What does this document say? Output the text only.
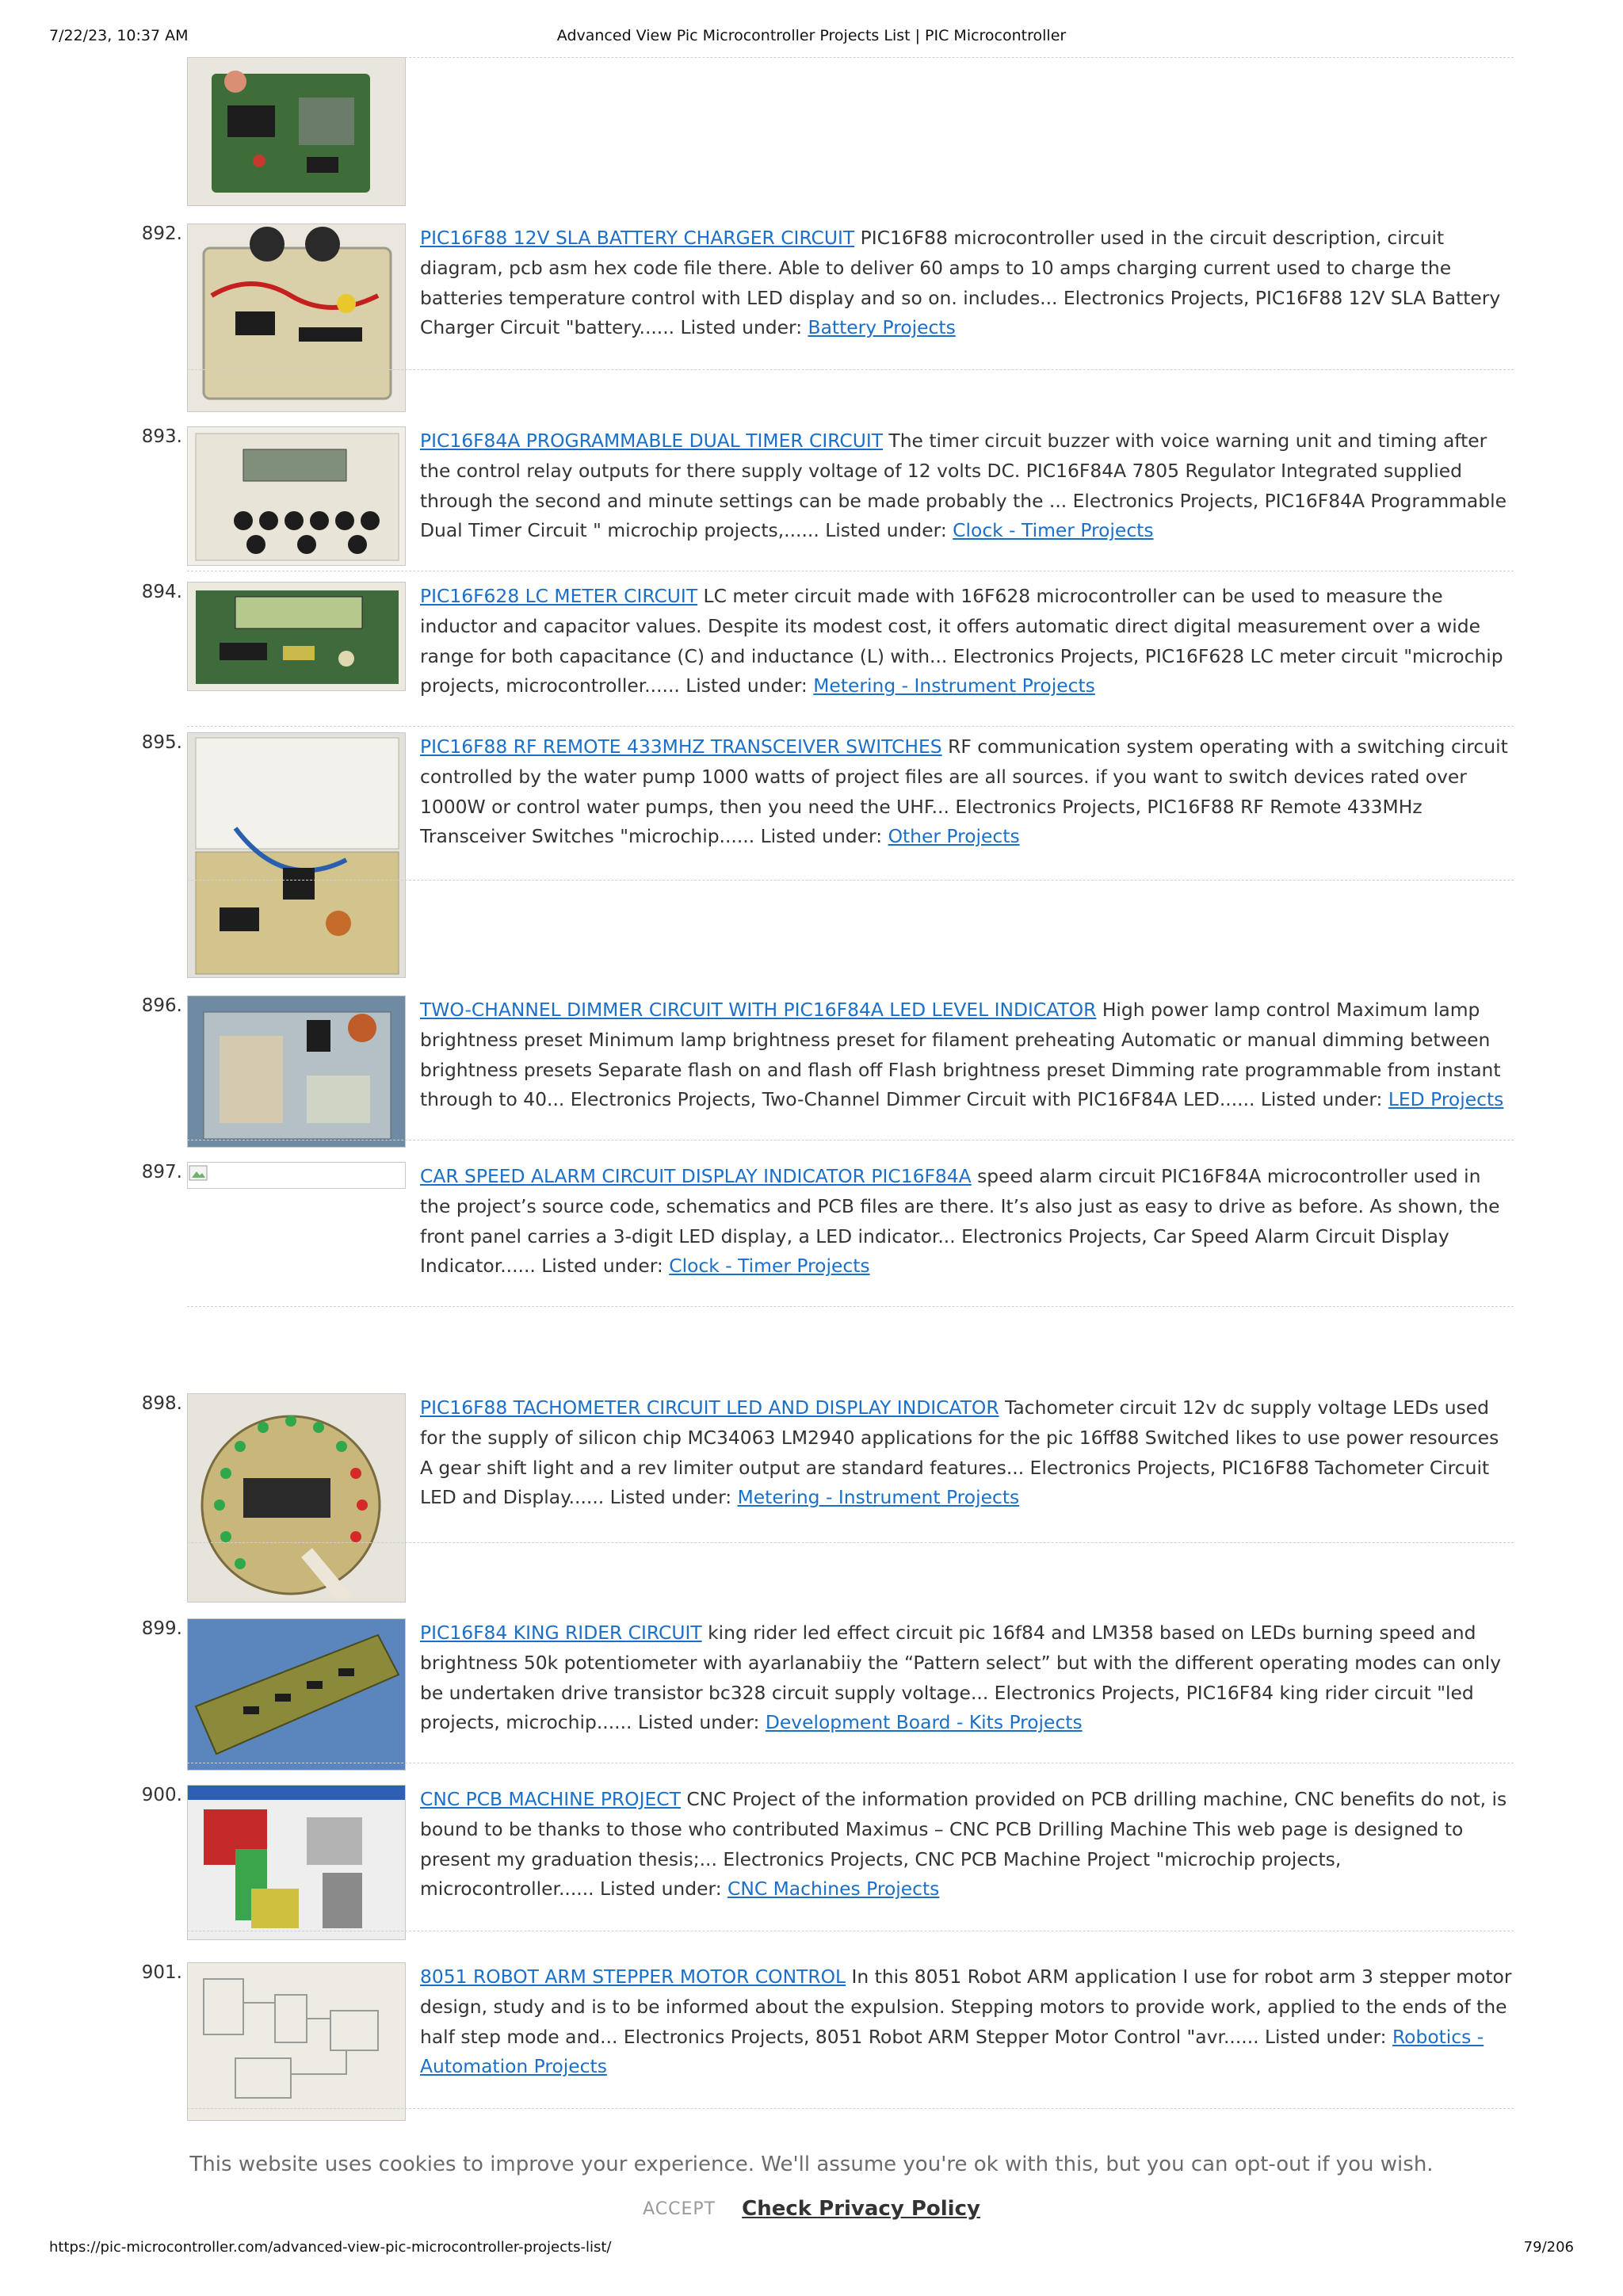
7/22/23, 10:37 AM	Advanced View Pic Microcontroller Projects List | PIC Microcontroller
892.	PIC16F88 12V SLA BATTERY CHARGER CIRCUIT PIC16F88 microcontroller used in the circuit description, circuit diagram, pcb asm hex code file there. Able to deliver 60 amps to 10 amps charging current used to charge the batteries temperature control with LED display and so on. includes... Electronics Projects, PIC16F88 12V SLA Battery Charger Circuit "battery...... Listed under: Battery Projects
893.	PIC16F84A PROGRAMMABLE DUAL TIMER CIRCUIT The timer circuit buzzer with voice warning unit and timing after the control relay outputs for there supply voltage of 12 volts DC. PIC16F84A 7805 Regulator Integrated supplied through the second and minute settings can be made probably the ... Electronics Projects, PIC16F84A Programmable Dual Timer Circuit " microchip projects,...... Listed under: Clock - Timer Projects
894.	PIC16F628 LC METER CIRCUIT LC meter circuit made with 16F628 microcontroller can be used to measure the inductor and capacitor values. Despite its modest cost, it offers automatic direct digital measurement over a wide range for both capacitance (C) and inductance (L) with... Electronics Projects, PIC16F628 LC meter circuit "microchip projects, microcontroller...... Listed under: Metering - Instrument Projects
895.	PIC16F88 RF REMOTE 433MHZ TRANSCEIVER SWITCHES RF communication system operating with a switching circuit controlled by the water pump 1000 watts of project files are all sources. if you want to switch devices rated over 1000W or control water pumps, then you need the UHF... Electronics Projects, PIC16F88 RF Remote 433MHz Transceiver Switches "microchip...... Listed under: Other Projects
896.	TWO-CHANNEL DIMMER CIRCUIT WITH PIC16F84A LED LEVEL INDICATOR High power lamp control Maximum lamp brightness preset Minimum lamp brightness preset for filament preheating Automatic or manual dimming between brightness presets Separate flash on and flash off Flash brightness preset Dimming rate programmable from instant through to 40... Electronics Projects, Two-Channel Dimmer Circuit with PIC16F84A LED...... Listed under: LED Projects
897.	CAR SPEED ALARM CIRCUIT DISPLAY INDICATOR PIC16F84A speed alarm circuit PIC16F84A microcontroller used in the project’s source code, schematics and PCB files are there. It’s also just as easy to drive as before. As shown, the front panel carries a 3-digit LED display, a LED indicator... Electronics Projects, Car Speed Alarm Circuit Display Indicator...... Listed under: Clock - Timer Projects
898.	PIC16F88 TACHOMETER CIRCUIT LED AND DISPLAY INDICATOR Tachometer circuit 12v dc supply voltage LEDs used for the supply of silicon chip MC34063 LM2940 applications for the pic 16ff88 Switched likes to use power resources A gear shift light and a rev limiter output are standard features... Electronics Projects, PIC16F88 Tachometer Circuit LED and Display...... Listed under: Metering - Instrument Projects
899.	PIC16F84 KING RIDER CIRCUIT king rider led effect circuit pic 16f84 and LM358 based on LEDs burning speed and brightness 50k potentiometer with ayarlanabiiy the “Pattern select” but with the different operating modes can only be undertaken drive transistor bc328 circuit supply voltage... Electronics Projects, PIC16F84 king rider circuit "led projects, microchip...... Listed under: Development Board - Kits Projects
900.	CNC PCB MACHINE PROJECT CNC Project of the information provided on PCB drilling machine, CNC benefits do not, is bound to be thanks to those who contributed Maximus – CNC PCB Drilling Machine This web page is designed to present my graduation thesis;... Electronics Projects, CNC PCB Machine Project "microchip projects, microcontroller...... Listed under: CNC Machines Projects
901.	8051 ROBOT ARM STEPPER MOTOR CONTROL In this 8051 Robot ARM application I use for robot arm 3 stepper motor design, study and is to be informed about the expulsion. Stepping motors to provide work, applied to the ends of the half step mode and... Electronics Projects, 8051 Robot ARM Stepper Motor Control "avr...... Listed under: Robotics - Automation Projects
This website uses cookies to improve your experience. We'll assume you're ok with this, but you can opt-out if you wish.
ACCEPT Check Privacy Policy
https://pic-microcontroller.com/advanced-view-pic-microcontroller-projects-list/	79/206
